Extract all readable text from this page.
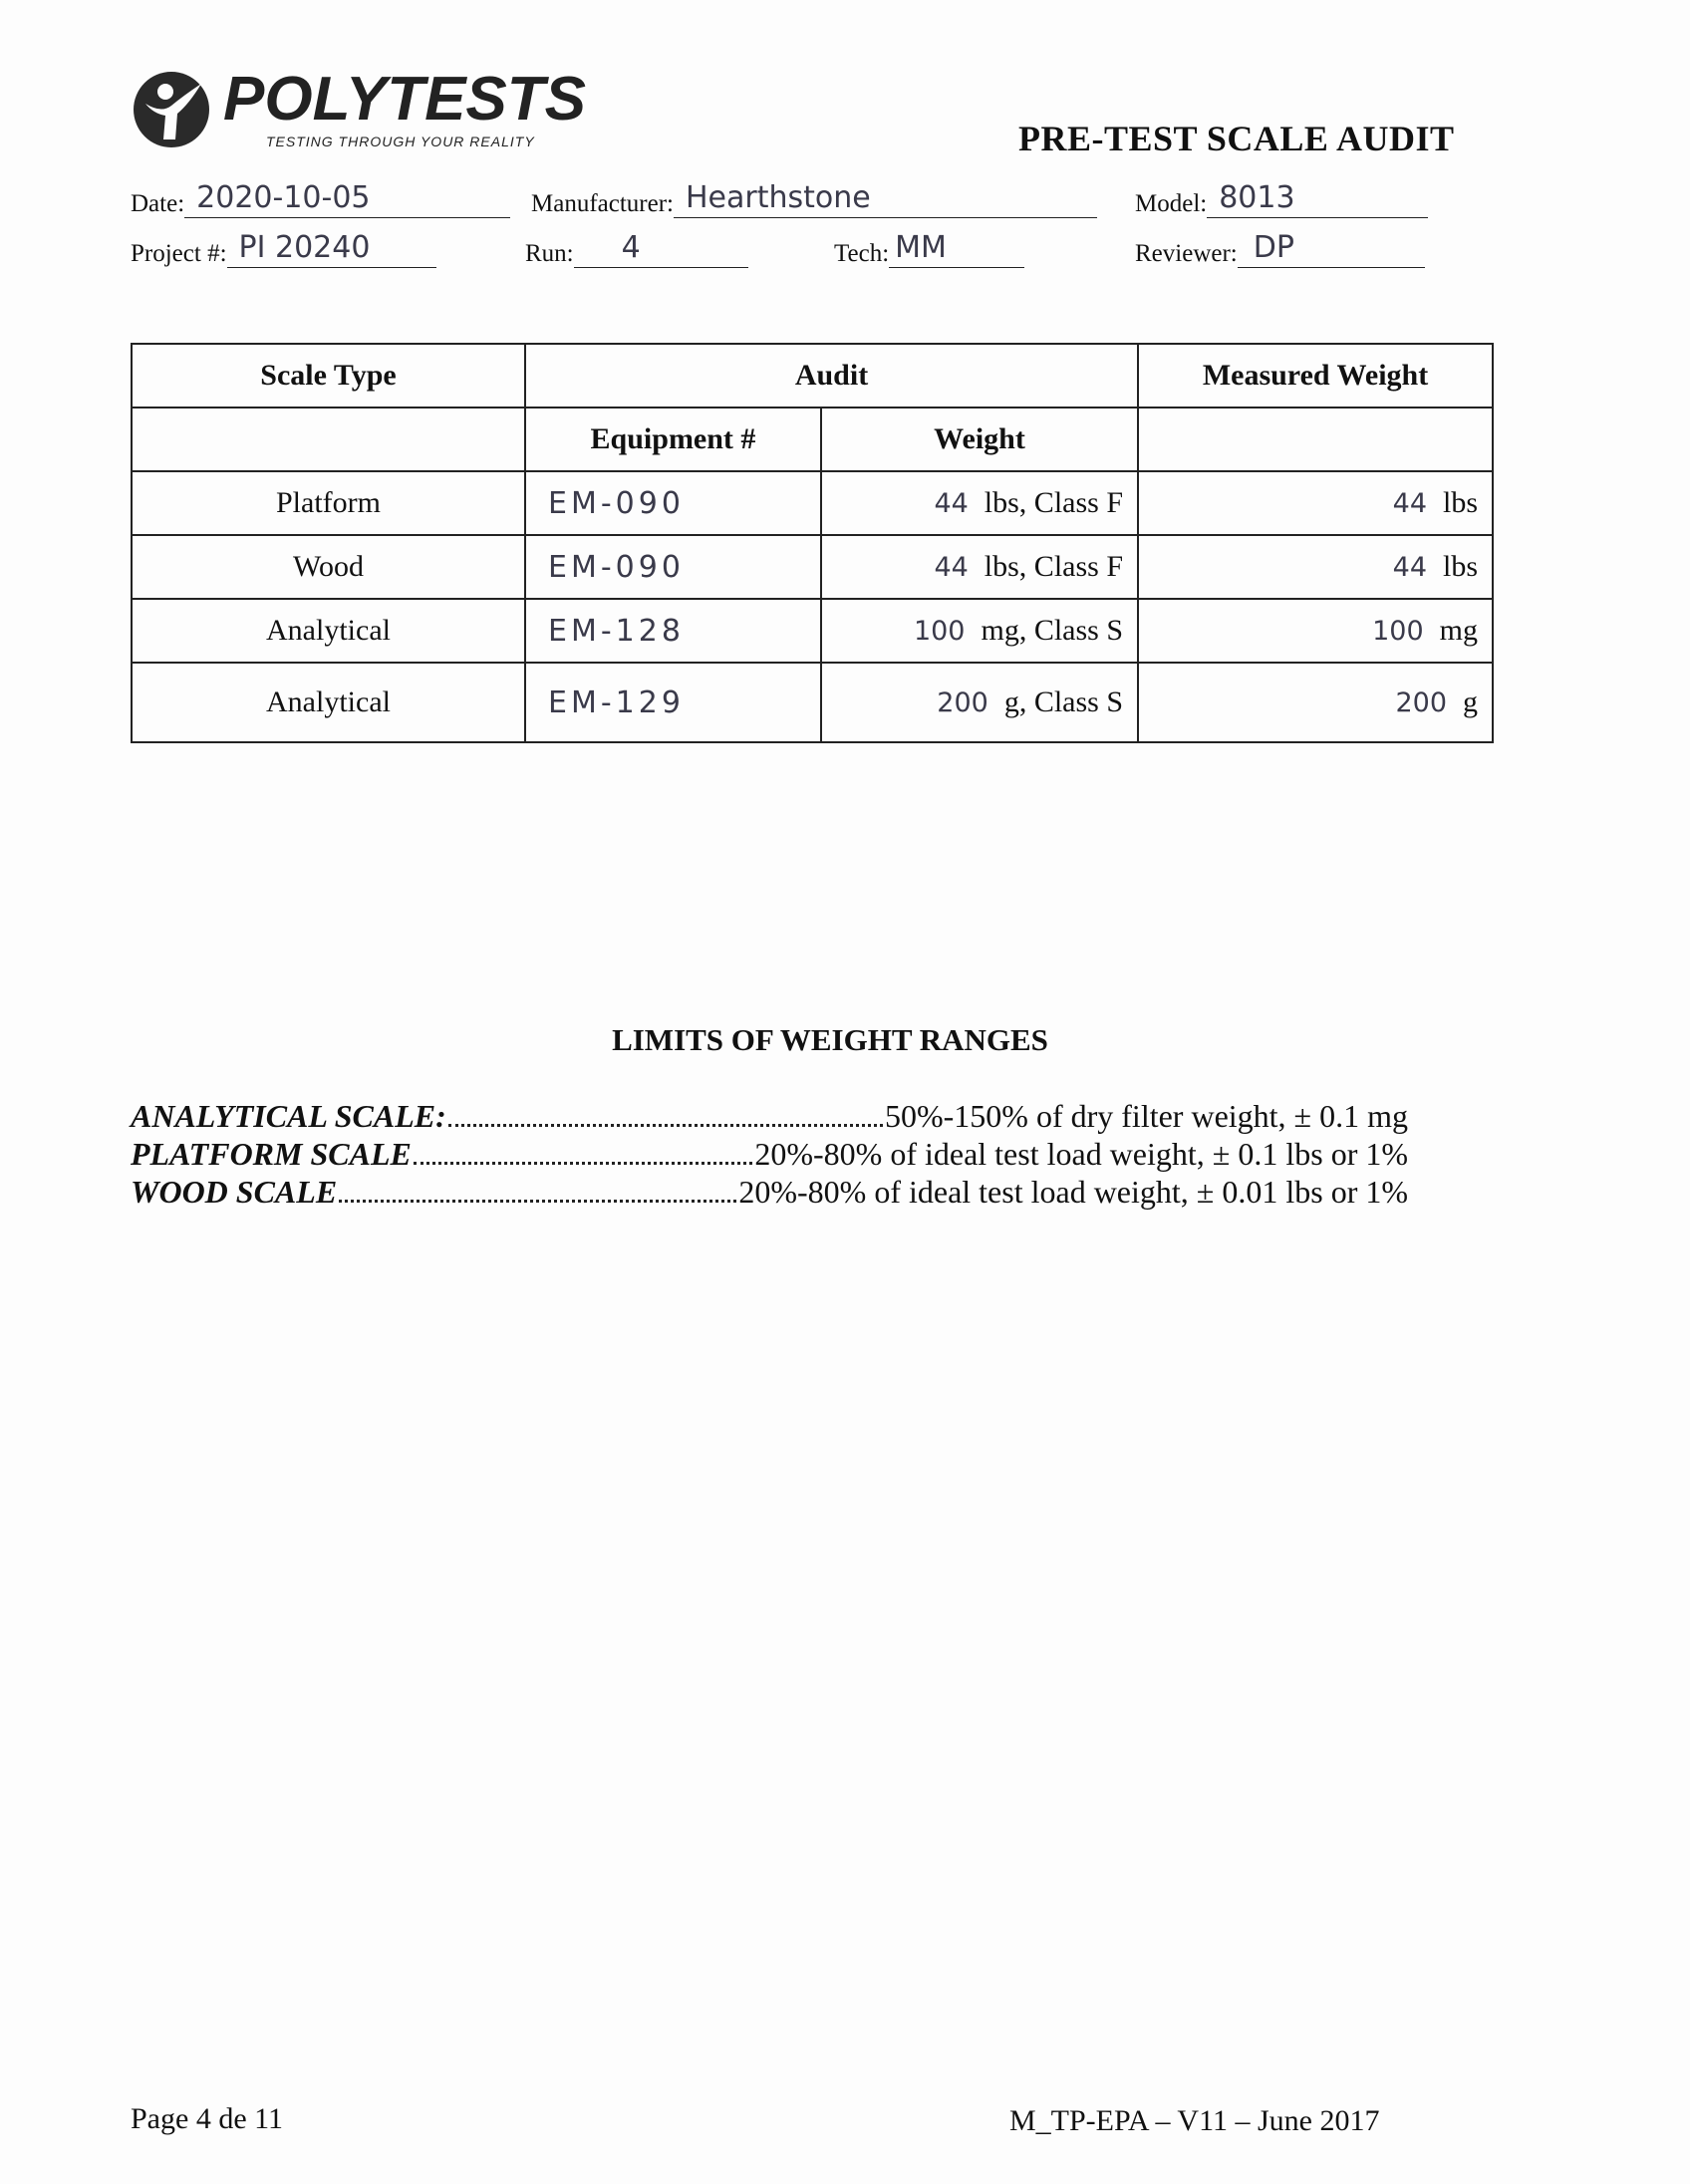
POLYTESTS
TESTING THROUGH YOUR REALITY	PRE-TEST SCALE AUDIT
Date: 2020-10-05	Manufacturer: Hearthstone	Model: 8013
Project #: PI 20240	Run: 4	Tech: MM	Reviewer: DP
Scale Type	Audit		Measured Weight
	Equipment #	Weight	
Platform	EM-090	44 lbs, Class F	44 lbs
Wood	EM-090	44 lbs, Class F	44 lbs
Analytical	EM-128	100 mg, Class S	100 mg
Analytical	EM-129	200 g, Class S	200 g
LIMITS OF WEIGHT RANGES
ANALYTICAL SCALE:	50%-150% of dry filter weight, ± 0.1 mg
PLATFORM SCALE	20%-80% of ideal test load weight, ± 0.1 lbs or 1%
WOOD SCALE	20%-80% of ideal test load weight, ± 0.01 lbs or 1%
Page 4 de 11	M_TP-EPA – V11 – June 2017
